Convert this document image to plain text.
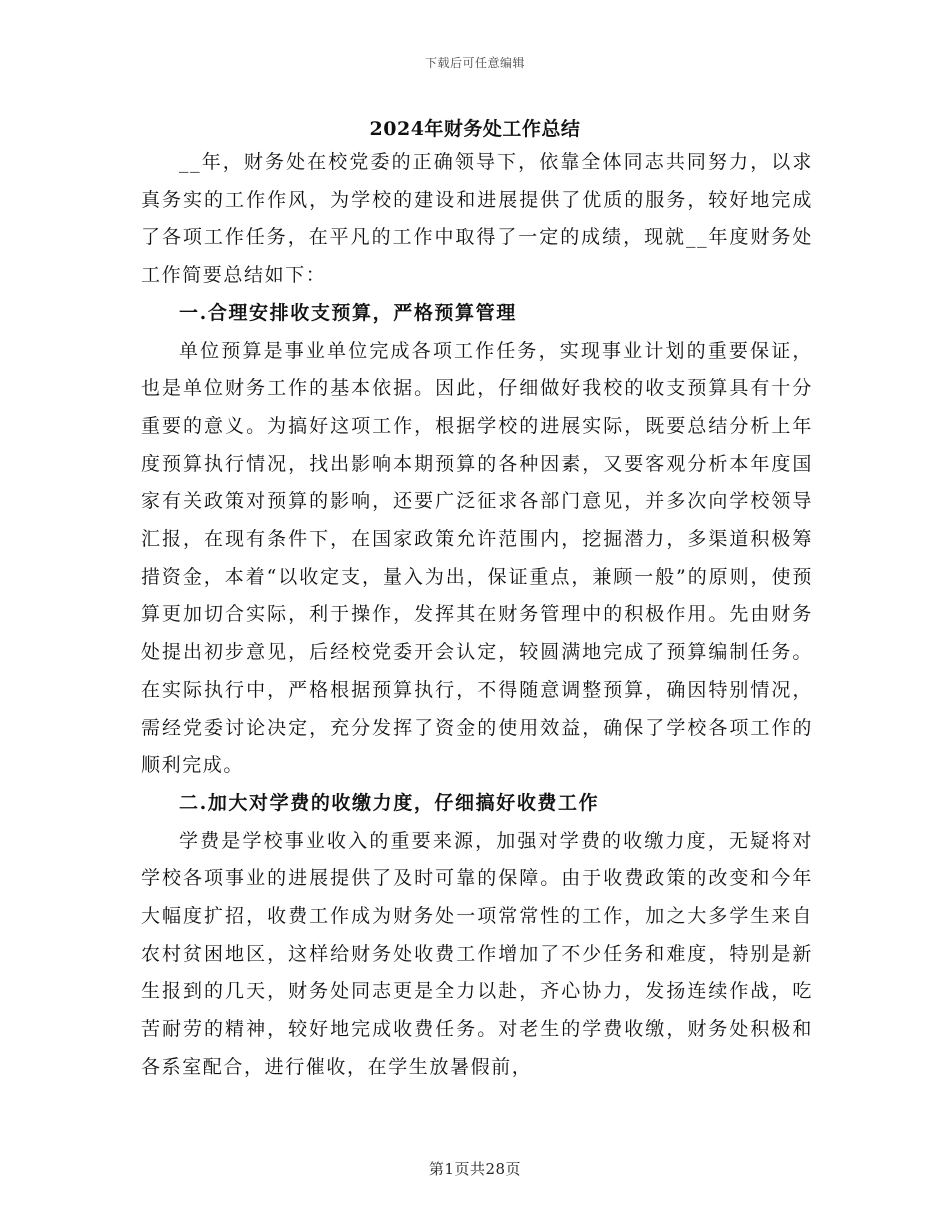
下载后可任意编辑
2024年财务处工作总结

__年，财务处在校党委的正确领导下，依靠全体同志共同努力，以求真务实的工作作风，为学校的建设和进展提供了优质的服务，较好地完成了各项工作任务，在平凡的工作中取得了一定的成绩，现就__年度财务处工作简要总结如下：

一.合理安排收支预算，严格预算管理

单位预算是事业单位完成各项工作任务，实现事业计划的重要保证，也是单位财务工作的基本依据。因此，仔细做好我校的收支预算具有十分重要的意义。为搞好这项工作，根据学校的进展实际，既要总结分析上年度预算执行情况，找出影响本期预算的各种因素，又要客观分析本年度国家有关政策对预算的影响，还要广泛征求各部门意见，并多次向学校领导汇报，在现有条件下，在国家政策允许范围内，挖掘潜力，多渠道积极筹措资金，本着“以收定支，量入为出，保证重点，兼顾一般”的原则，使预算更加切合实际，利于操作，发挥其在财务管理中的积极作用。先由财务处提出初步意见，后经校党委开会认定，较圆满地完成了预算编制任务。在实际执行中，严格根据预算执行，不得随意调整预算，确因特别情况，需经党委讨论决定，充分发挥了资金的使用效益，确保了学校各项工作的顺利完成。

二.加大对学费的收缴力度，仔细搞好收费工作

学费是学校事业收入的重要来源，加强对学费的收缴力度，无疑将对学校各项事业的进展提供了及时可靠的保障。由于收费政策的改变和今年大幅度扩招，收费工作成为财务处一项常常性的工作，加之大多学生来自农村贫困地区，这样给财务处收费工作增加了不少任务和难度，特别是新生报到的几天，财务处同志更是全力以赴，齐心协力，发扬连续作战，吃苦耐劳的精神，较好地完成收费任务。对老生的学费收缴，财务处积极和各系室配合，进行催收，在学生放暑假前，

第1页共28页
